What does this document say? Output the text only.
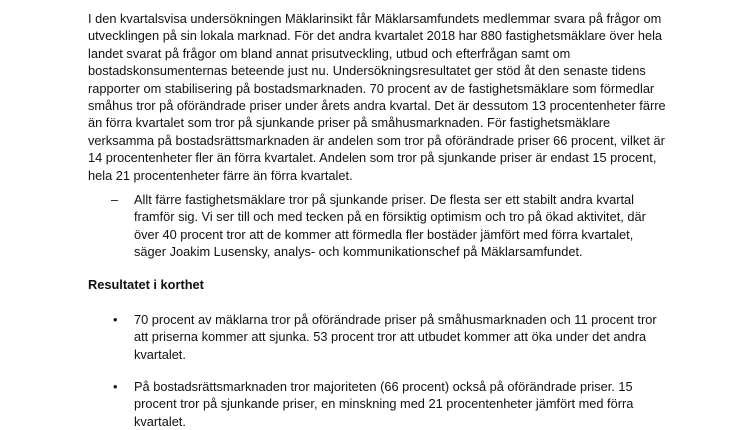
I den kvartalsvisa undersökningen Mäklarinsikt får Mäklarsamfundets medlemmar svara på frågor om
utvecklingen på sin lokala marknad. För det andra kvartalet 2018 har 880 fastighetsmäklare över hela
landet svarat på frågor om bland annat prisutveckling, utbud och efterfrågan samt om
bostadskonsumenternas beteende just nu. Undersökningsresultatet ger stöd åt den senaste tidens
rapporter om stabilisering på bostadsmarknaden. 70 procent av de fastighetsmäklare som förmedlar
småhus tror på oförändrade priser under årets andra kvartal. Det är dessutom 13 procentenheter färre
än förra kvartalet som tror på sjunkande priser på småhusmarknaden. För fastighetsmäklare
verksamma på bostadsrättsmarknaden är andelen som tror på oförändrade priser 66 procent, vilket är
14 procentenheter fler än förra kvartalet. Andelen som tror på sjunkande priser är endast 15 procent,
hela 21 procentenheter färre än förra kvartalet.

– Allt färre fastighetsmäklare tror på sjunkande priser. De flesta ser ett stabilt andra kvartal
framför sig. Vi ser till och med tecken på en försiktig optimism och tro på ökad aktivitet, där
över 40 procent tror att de kommer att förmedla fler bostäder jämfört med förra kvartalet,
säger Joakim Lusensky, analys- och kommunikationschef på Mäklarsamfundet.

Resultatet i korthet

• 70 procent av mäklarna tror på oförändrade priser på småhusmarknaden och 11 procent tror
att priserna kommer att sjunka. 53 procent tror att utbudet kommer att öka under det andra
kvartalet.

• På bostadsrättsmarknaden tror majoriteten (66 procent) också på oförändrade priser. 15
procent tror på sjunkande priser, en minskning med 21 procentenheter jämfört med förra
kvartalet.
